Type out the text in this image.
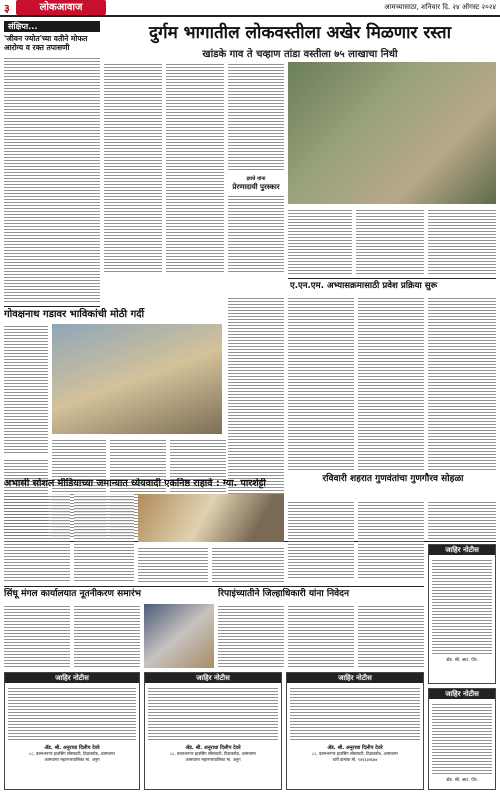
३	लोकआवाज	आमच्यासाठा, शनिवार दि. २४ ऑगस्ट २०२४
संक्षिप्त...
'जीवन ज्योत'च्या वतीने मोफत आरोग्य व रक्त तपासणी
दुर्गम भागातील लोकवस्तीला अखेर मिळणार रस्ता
खांडके गाव ते चव्हाण तांडा वस्तीला ७५ लाखाचा निधी
इयत्ते यांना
प्रेरणादायी पुरस्कार
गोवक्षनाथ गडावर भाविकांची मोठी गर्दी
ए.एन.एम. अभ्यासक्रमासाठी प्रवेश प्रक्रिया सुरू
अभासी सोशल मीडियाच्या जमान्यात ध्येयवादी एकनिष्ठ राहावे : ग्या. पारशेट्टी	रविवारी शहरात गुणवंतांचा गुणगौरव सोहळा
जाहिर नोटीस
ॲड. श्री. आर. पीर.
सिंधू मंगल कार्यालयात नूतनीकरण समारंभ	रिपाइंच्यातीने जिल्हाधिकारी यांना निवेदन
जाहिर नोटीस
ॲड. श्री. अनुराधा दिलीप देवरे
८८, वल्लभनगर हाउसिंग सोसायटी, टिळकरोड, आमचागर
आमचागर महानगरपालिका मा. अनुग
जाहिर नोटीस
ॲड. श्री. अनुराधा दिलीप देवरे
८८, वल्लभनगर हाउसिंग सोसायटी, टिळकरोड, आमचागर
आमचागर महानगरपालिका मा. अनुग
जाहिर नोटीस
ॲड. श्री. अनुराधा दिलीप देवरे
८८, वल्लभनगर हाउसिंग सोसायटी, टिळकरोड, आमचागर
वारी क्रमांक मो. ९४२३३४६७४
जाहिर नोटीस
ॲड. श्री. आर. पीर.
